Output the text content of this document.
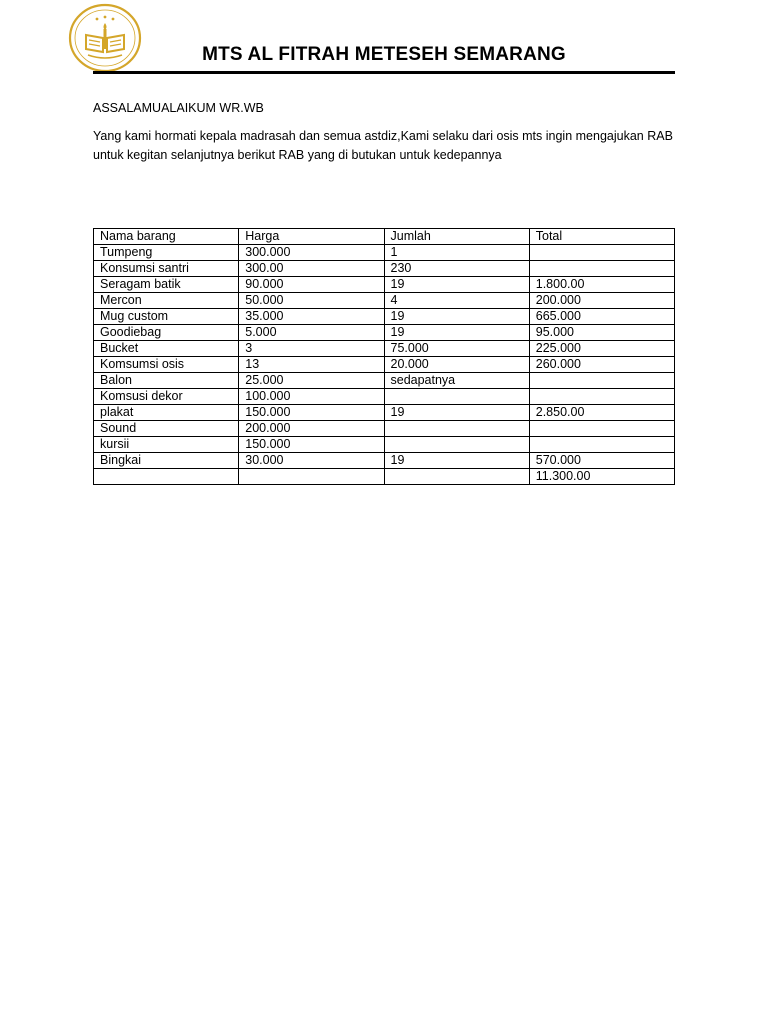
MTS AL FITRAH METESEH SEMARANG
ASSALAMUALAIKUM WR.WB
Yang kami hormati kepala madrasah dan semua astdiz,Kami selaku dari osis mts ingin mengajukan RAB untuk kegitan selanjutnya berikut RAB yang di butukan untuk kedepannya
Nama barang	Harga	Jumlah	Total
Tumpeng	300.000	1	
Konsumsi santri	300.00	230	
Seragam batik	90.000	19	1.800.00
Mercon	50.000	4	200.000
Mug custom	35.000	19	665.000
Goodiebag	5.000	19	95.000
Bucket	3	75.000	225.000
Komsumsi osis	13	20.000	260.000
Balon	25.000	sedapatnya	
Komsusi dekor	100.000		
plakat	150.000	19	2.850.00
Sound	200.000		
kursii	150.000		
Bingkai	30.000	19	570.000
			11.300.00
